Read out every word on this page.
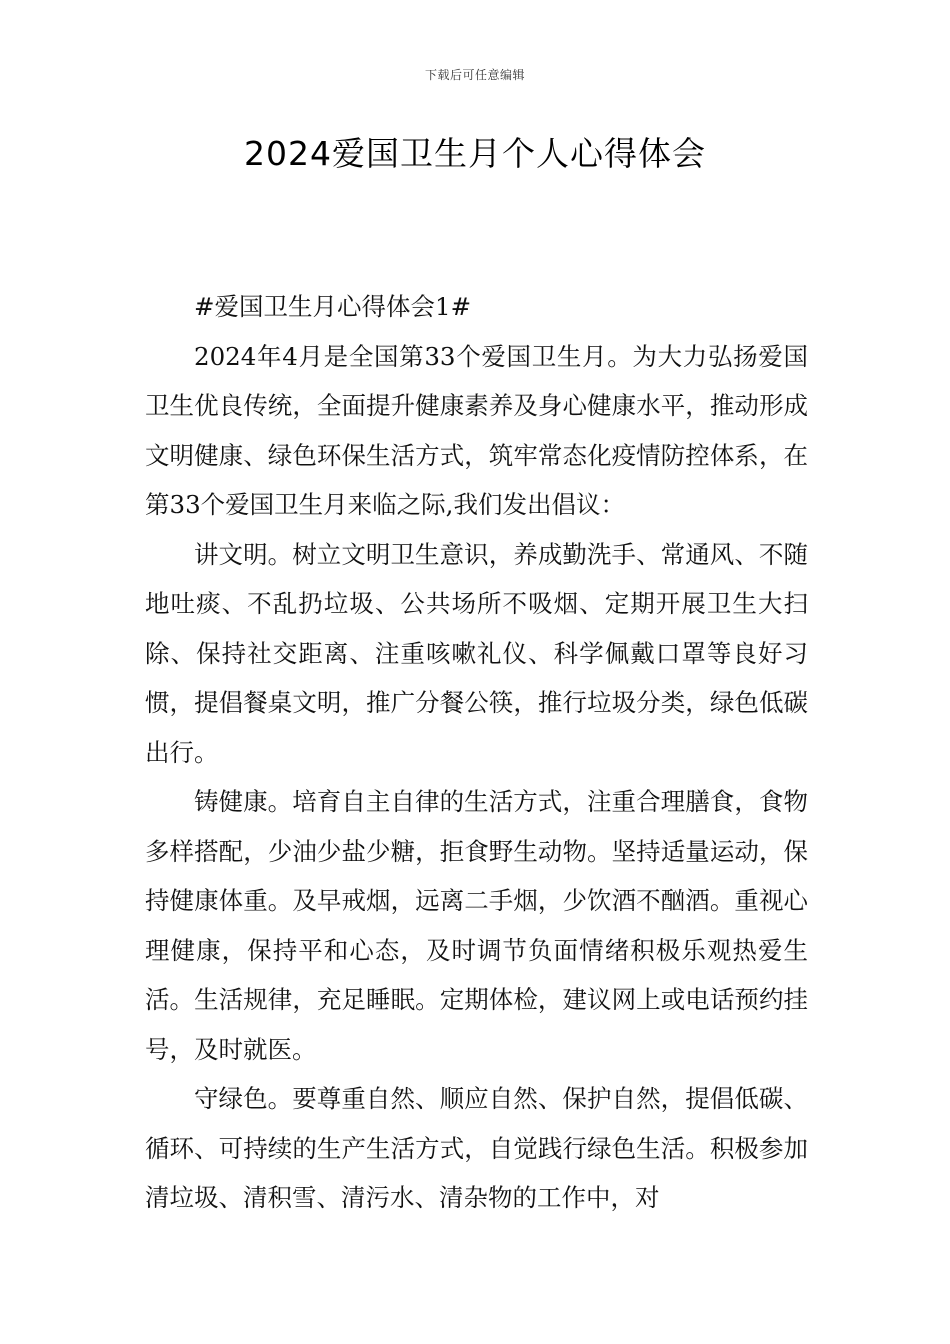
下载后可任意编辑
2024爱国卫生月个人心得体会

#爱国卫生月心得体会1#

2024年4月是全国第33个爱国卫生月。为大力弘扬爱国卫生优良传统，全面提升健康素养及身心健康水平，推动形成文明健康、绿色环保生活方式，筑牢常态化疫情防控体系，在第33个爱国卫生月来临之际,我们发出倡议：

讲文明。树立文明卫生意识，养成勤洗手、常通风、不随地吐痰、不乱扔垃圾、公共场所不吸烟、定期开展卫生大扫除、保持社交距离、注重咳嗽礼仪、科学佩戴口罩等良好习惯，提倡餐桌文明，推广分餐公筷，推行垃圾分类，绿色低碳出行。

铸健康。培育自主自律的生活方式，注重合理膳食，食物多样搭配，少油少盐少糖，拒食野生动物。坚持适量运动，保持健康体重。及早戒烟，远离二手烟，少饮酒不酗酒。重视心理健康，保持平和心态，及时调节负面情绪积极乐观热爱生活。生活规律，充足睡眠。定期体检，建议网上或电话预约挂号，及时就医。

守绿色。要尊重自然、顺应自然、保护自然，提倡低碳、循环、可持续的生产生活方式，自觉践行绿色生活。积极参加清垃圾、清积雪、清污水、清杂物的工作中，对
